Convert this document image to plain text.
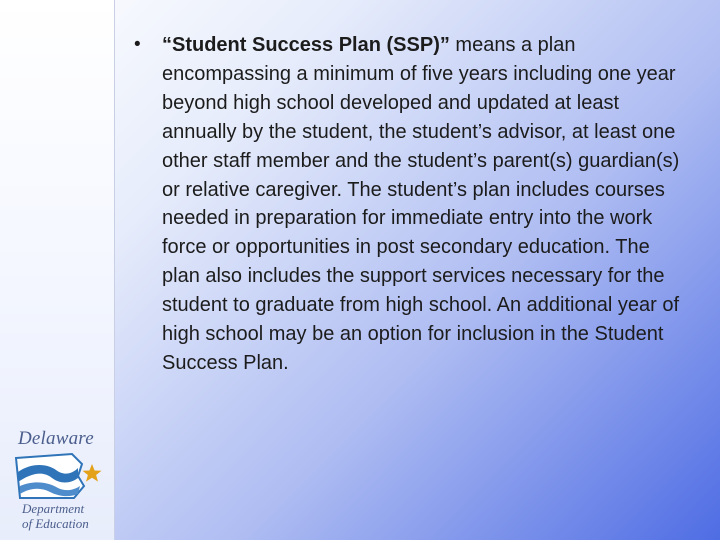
Delaware
Department
of Education
•	“Student Success Plan (SSP)” means a plan encompassing a minimum of five years including one year beyond high school developed and updated at least annually by the student, the student’s advisor, at least one other staff member and the student’s parent(s) guardian(s) or relative caregiver. The student’s plan includes courses needed in preparation for immediate entry into the work force or opportunities in post secondary education. The plan also includes the support services necessary for the student to graduate from high school. An additional year of high school may be an option for inclusion in the Student Success Plan.
